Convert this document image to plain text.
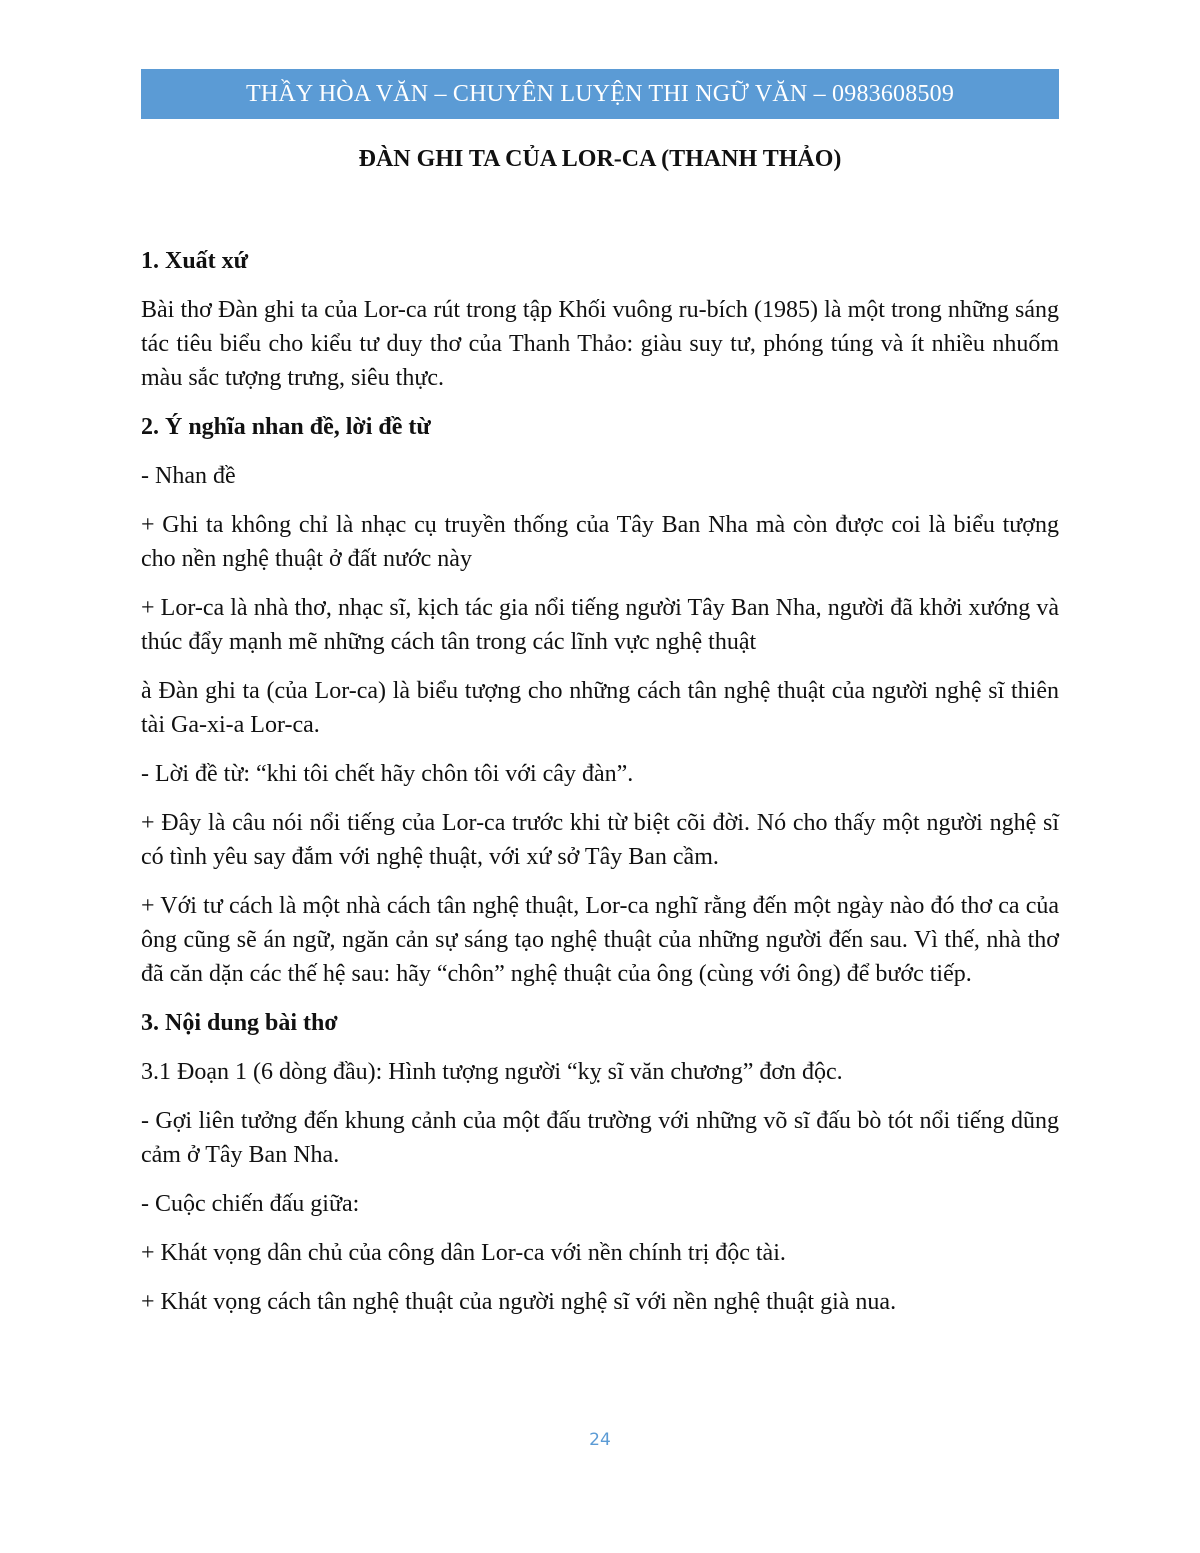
THẦY HÒA VĂN – CHUYÊN LUYỆN THI NGỮ VĂN – 0983608509
ĐÀN GHI TA CỦA LOR-CA (THANH THẢO)
1. Xuất xứ

Bài thơ Đàn ghi ta của Lor-ca rút trong tập Khối vuông ru-bích (1985) là một trong những sáng tác tiêu biểu cho kiểu tư duy thơ của Thanh Thảo: giàu suy tư, phóng túng và ít nhiều nhuốm màu sắc tượng trưng, siêu thực.

2. Ý nghĩa nhan đề, lời đề từ

- Nhan đề

+ Ghi ta không chỉ là nhạc cụ truyền thống của Tây Ban Nha mà còn được coi là biểu tượng cho nền nghệ thuật ở đất nước này

+ Lor-ca là nhà thơ, nhạc sĩ, kịch tác gia nổi tiếng người Tây Ban Nha, người đã khởi xướng và thúc đẩy mạnh mẽ những cách tân trong các lĩnh vực nghệ thuật

à Đàn ghi ta (của Lor-ca) là biểu tượng cho những cách tân nghệ thuật của người nghệ sĩ thiên tài Ga-xi-a Lor-ca.

- Lời đề từ: “khi tôi chết hãy chôn tôi với cây đàn”.

+ Đây là câu nói nổi tiếng của Lor-ca trước khi từ biệt cõi đời. Nó cho thấy một người nghệ sĩ có tình yêu say đắm với nghệ thuật, với xứ sở Tây Ban cầm.

+ Với tư cách là một nhà cách tân nghệ thuật, Lor-ca nghĩ rằng đến một ngày nào đó thơ ca của ông cũng sẽ án ngữ, ngăn cản sự sáng tạo nghệ thuật của những người đến sau. Vì thế, nhà thơ đã căn dặn các thế hệ sau: hãy “chôn” nghệ thuật của ông (cùng với ông) để bước tiếp.

3. Nội dung bài thơ

3.1 Đoạn 1 (6 dòng đầu): Hình tượng người “kỵ sĩ văn chương” đơn độc.

- Gợi liên tưởng đến khung cảnh của một đấu trường với những võ sĩ đấu bò tót nổi tiếng dũng cảm ở Tây Ban Nha.

- Cuộc chiến đấu giữa:

+ Khát vọng dân chủ của công dân Lor-ca với nền chính trị độc tài.

+ Khát vọng cách tân nghệ thuật của người nghệ sĩ với nền nghệ thuật già nua.

24
